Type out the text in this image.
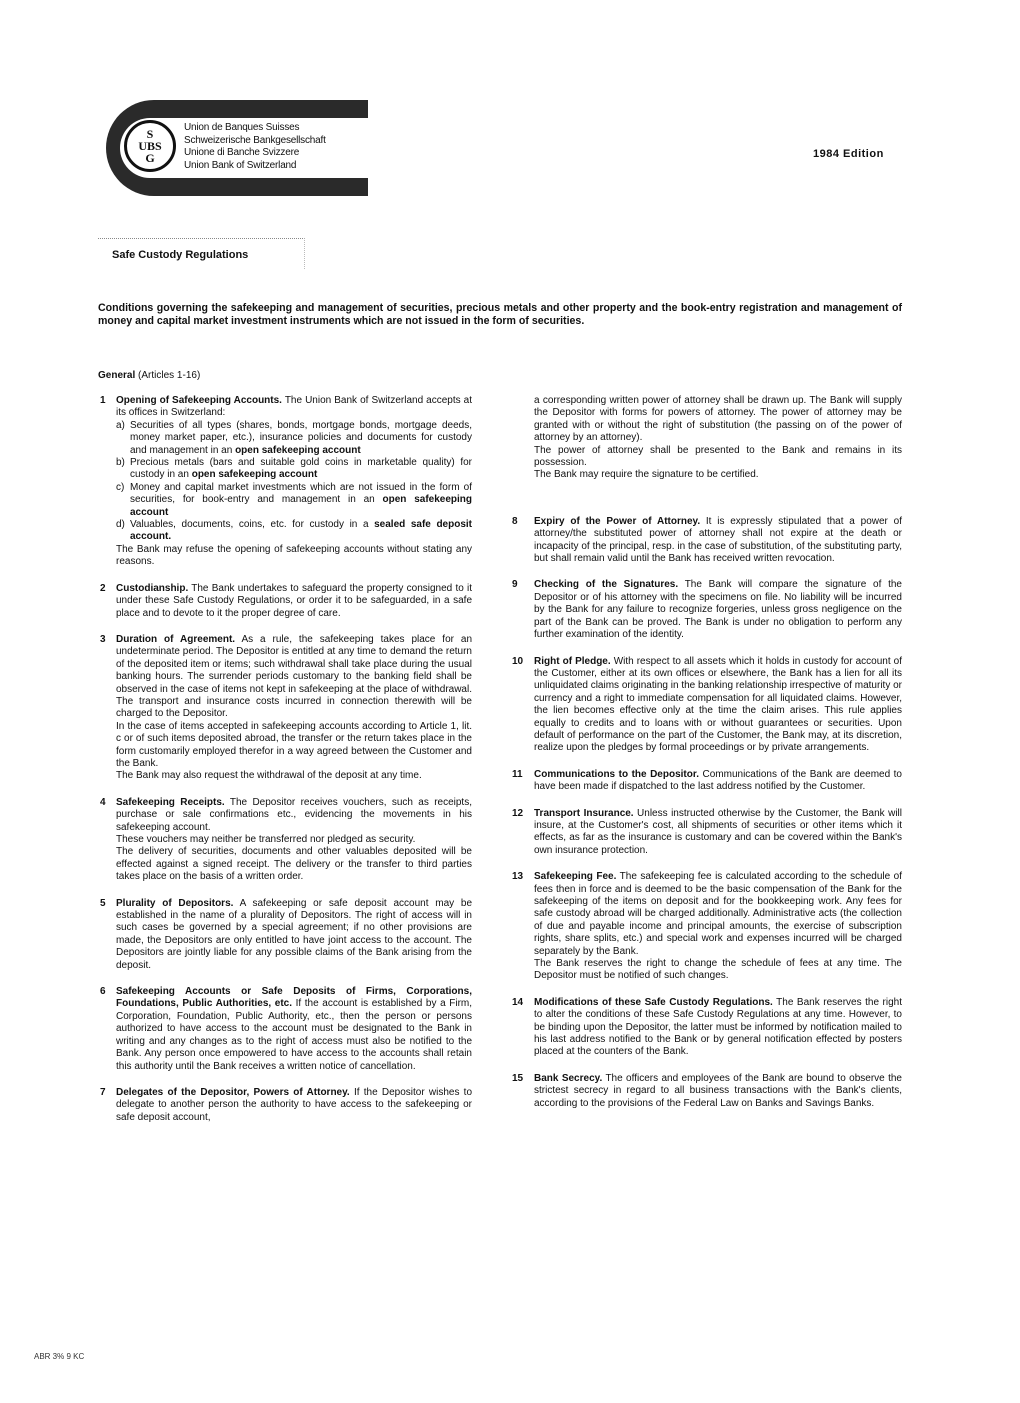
S
UBS
G
Union de Banques Suisses
Schweizerische Bankgesellschaft
Unione di Banche Svizzere
Union Bank of Switzerland
1984 Edition
Safe Custody Regulations
Conditions governing the safekeeping and management of securities, precious metals and other property and the book-entry registration and management of money and capital market investment instruments which are not issued in the form of securities.
General (Articles 1-16)
1 Opening of Safekeeping Accounts. The Union Bank of Switzerland accepts at its offices in Switzerland:

a) Securities of all types (shares, bonds, mortgage bonds, mortgage deeds, money market paper, etc.), insurance policies and documents for custody and management in an open safekeeping account
b) Precious metals (bars and suitable gold coins in marketable quality) for custody in an open safekeeping account
c) Money and capital market investments which are not issued in the form of securities, for book-entry and management in an open safekeeping account
d) Valuables, documents, coins, etc. for custody in a sealed safe deposit account.

The Bank may refuse the opening of safekeeping accounts without stating any reasons.

2 Custodianship. The Bank undertakes to safeguard the property consigned to it under these Safe Custody Regulations, or order it to be safeguarded, in a safe place and to devote to it the proper degree of care.

3 Duration of Agreement. As a rule, the safekeeping takes place for an undeterminate period. The Depositor is entitled at any time to demand the return of the deposited item or items; such withdrawal shall take place during the usual banking hours. The surrender periods customary to the banking field shall be observed in the case of items not kept in safekeeping at the place of withdrawal. The transport and insurance costs incurred in connection therewith will be charged to the Depositor.

In the case of items accepted in safekeeping accounts according to Article 1, lit. c or of such items deposited abroad, the transfer or the return takes place in the form customarily employed therefor in a way agreed between the Customer and the Bank.

The Bank may also request the withdrawal of the deposit at any time.

4 Safekeeping Receipts. The Depositor receives vouchers, such as receipts, purchase or sale confirmations etc., evidencing the movements in his safekeeping account.

These vouchers may neither be transferred nor pledged as security.

The delivery of securities, documents and other valuables deposited will be effected against a signed receipt. The delivery or the transfer to third parties takes place on the basis of a written order.

5 Plurality of Depositors. A safekeeping or safe deposit account may be established in the name of a plurality of Depositors. The right of access will in such cases be governed by a special agreement; if no other provisions are made, the Depositors are only entitled to have joint access to the account. The Depositors are jointly liable for any possible claims of the Bank arising from the deposit.

6 Safekeeping Accounts or Safe Deposits of Firms, Corporations, Foundations, Public Authorities, etc. If the account is established by a Firm, Corporation, Foundation, Public Authority, etc., then the person or persons authorized to have access to the account must be designated to the Bank in writing and any changes as to the right of access must also be notified to the Bank. Any person once empowered to have access to the accounts shall retain this authority until the Bank receives a written notice of cancellation.

7 Delegates of the Depositor, Powers of Attorney. If the Depositor wishes to delegate to another person the authority to have access to the safekeeping or safe deposit account,

a corresponding written power of attorney shall be drawn up. The Bank will supply the Depositor with forms for powers of attorney. The power of attorney may be granted with or without the right of substitution (the passing on of the power of attorney by an attorney).

The power of attorney shall be presented to the Bank and remains in its possession.

The Bank may require the signature to be certified.

8 Expiry of the Power of Attorney. It is expressly stipulated that a power of attorney/the substituted power of attorney shall not expire at the death or incapacity of the principal, resp. in the case of substitution, of the substituting party, but shall remain valid until the Bank has received written revocation.

9 Checking of the Signatures. The Bank will compare the signature of the Depositor or of his attorney with the specimens on file. No liability will be incurred by the Bank for any failure to recognize forgeries, unless gross negligence on the part of the Bank can be proved. The Bank is under no obligation to perform any further examination of the identity.

10 Right of Pledge. With respect to all assets which it holds in custody for account of the Customer, either at its own offices or elsewhere, the Bank has a lien for all its unliquidated claims originating in the banking relationship irrespective of maturity or currency and a right to immediate compensation for all liquidated claims. However, the lien becomes effective only at the time the claim arises. This rule applies equally to credits and to loans with or without guarantees or securities. Upon default of performance on the part of the Customer, the Bank may, at its discretion, realize upon the pledges by formal proceedings or by private arrangements.

11 Communications to the Depositor. Communications of the Bank are deemed to have been made if dispatched to the last address notified by the Customer.

12 Transport Insurance. Unless instructed otherwise by the Customer, the Bank will insure, at the Customer's cost, all shipments of securities or other items which it effects, as far as the insurance is customary and can be covered within the Bank's own insurance protection.

13 Safekeeping Fee. The safekeeping fee is calculated according to the schedule of fees then in force and is deemed to be the basic compensation of the Bank for the safekeeping of the items on deposit and for the bookkeeping work. Any fees for safe custody abroad will be charged additionally. Administrative acts (the collection of due and payable income and principal amounts, the exercise of subscription rights, share splits, etc.) and special work and expenses incurred will be charged separately by the Bank.

The Bank reserves the right to change the schedule of fees at any time. The Depositor must be notified of such changes.

14 Modifications of these Safe Custody Regulations. The Bank reserves the right to alter the conditions of these Safe Custody Regulations at any time. However, to be binding upon the Depositor, the latter must be informed by notification mailed to his last address notified to the Bank or by general notification effected by posters placed at the counters of the Bank.

15 Bank Secrecy. The officers and employees of the Bank are bound to observe the strictest secrecy in regard to all business transactions with the Bank's clients, according to the provisions of the Federal Law on Banks and Savings Banks.

ABR 3% 9 KC
